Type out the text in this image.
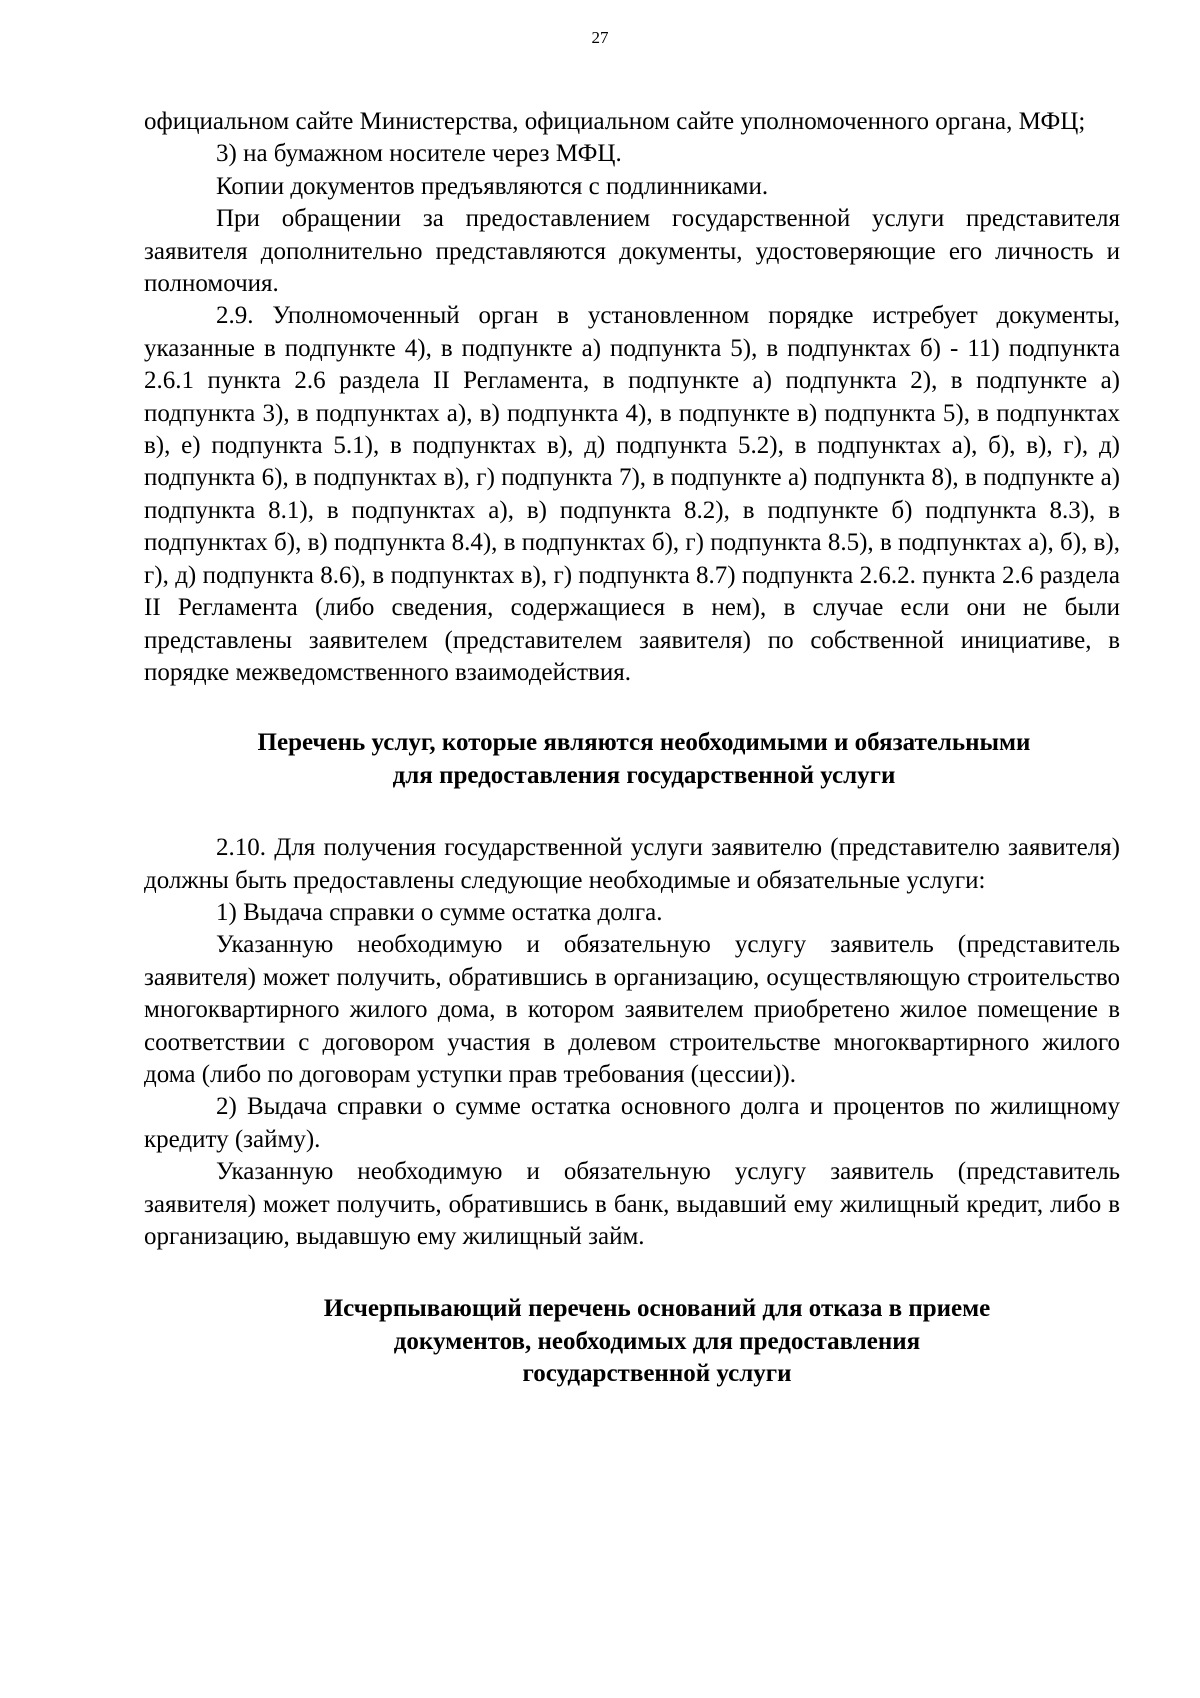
27

официальном сайте Министерства, официальном сайте уполномоченного органа, МФЦ;

3) на бумажном носителе через МФЦ.

Копии документов предъявляются с подлинниками.

При обращении за предоставлением государственной услуги представителя заявителя дополнительно представляются документы, удостоверяющие его личность и полномочия.

2.9. Уполномоченный орган в установленном порядке истребует документы, указанные в подпункте 4), в подпункте а) подпункта 5), в подпунктах б) - 11) подпункта 2.6.1 пункта 2.6 раздела II Регламента, в подпункте а) подпункта 2), в подпункте а) подпункта 3), в подпунктах а), в) подпункта 4), в подпункте в) подпункта 5), в подпунктах в), е) подпункта 5.1), в подпунктах в), д) подпункта 5.2), в подпунктах а), б), в), г), д) подпункта 6), в подпунктах в), г) подпункта 7), в подпункте а) подпункта 8), в подпункте а) подпункта 8.1), в подпунктах а), в) подпункта 8.2), в подпункте б) подпункта 8.3), в подпунктах б), в) подпункта 8.4), в подпунктах б), г) подпункта 8.5), в подпунктах а), б), в), г), д) подпункта 8.6), в подпунктах в), г) подпункта 8.7) подпункта 2.6.2. пункта 2.6 раздела II Регламента (либо сведения, содержащиеся в нем), в случае если они не были представлены заявителем (представителем заявителя) по собственной инициативе, в порядке межведомственного взаимодействия.

Перечень услуг, которые являются необходимыми и обязательными
для предоставления государственной услуги

2.10. Для получения государственной услуги заявителю (представителю заявителя) должны быть предоставлены следующие необходимые и обязательные услуги:

1) Выдача справки о сумме остатка долга.

Указанную необходимую и обязательную услугу заявитель (представитель заявителя) может получить, обратившись в организацию, осуществляющую строительство многоквартирного жилого дома, в котором заявителем приобретено жилое помещение в соответствии с договором участия в долевом строительстве многоквартирного жилого дома (либо по договорам уступки прав требования (цессии)).

2) Выдача справки о сумме остатка основного долга и процентов по жилищному кредиту (займу).

Указанную необходимую и обязательную услугу заявитель (представитель заявителя) может получить, обратившись в банк, выдавший ему жилищный кредит, либо в организацию, выдавшую ему жилищный займ.

Исчерпывающий перечень оснований для отказа в приеме
документов, необходимых для предоставления
государственной услуги
